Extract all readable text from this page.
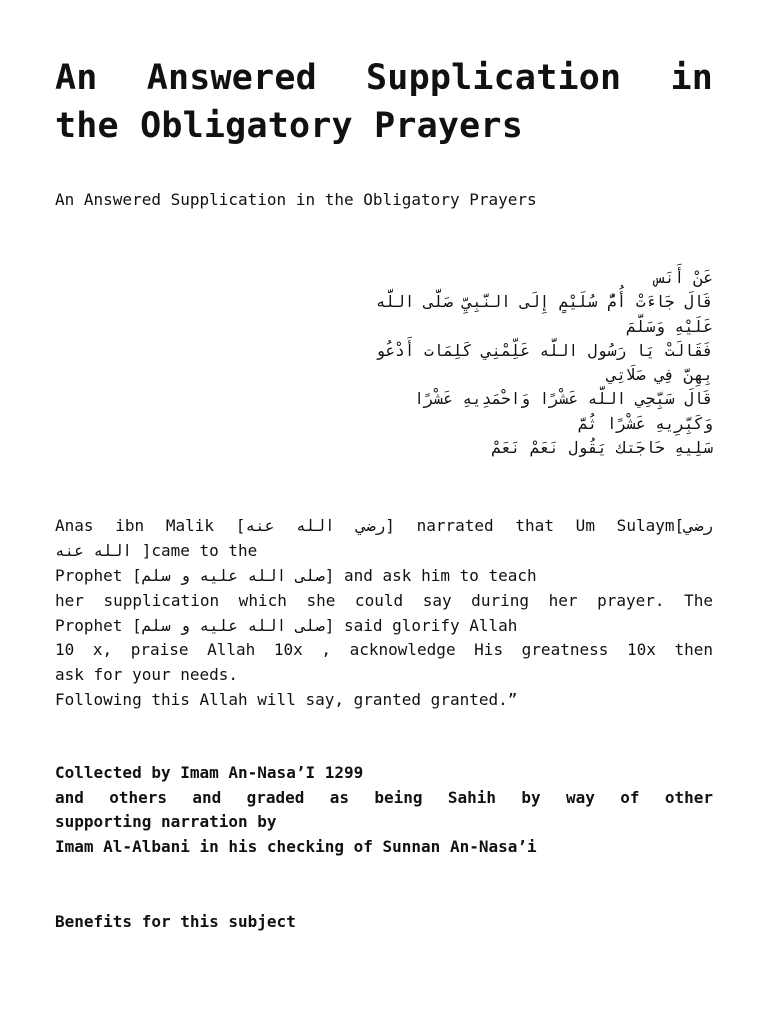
An Answered Supplication in the Obligatory Prayers

An Answered Supplication in the Obligatory Prayers

عَنْ أَنَس
قَالَ جَاءَتْ أُمُّ سُلَيْمٍ إِلَى النَّبِيِّ صَلَّى اللَّه
عَلَيْهِ وَسَلَّمَ
فَقَالَتْ يَا رَسُول اللَّه عَلِّمْنِي كَلِمَات أَدْعُو
بِهِنَّ فِي صَلَاتِي
قَالَ سَبِّحِي اللَّه عَشْرًا وَاحْمَدِيهِ عَشْرًا
وَكَبِّرِيهِ عَشْرًا ثُمَّ
سَلِيهِ حَاجَتك يَقُول نَعَمْ نَعَمْ
Anas ibn Malik [رضي الله عنه] narrated that Um Sulaym[رضي
الله عنه ]came to the
Prophet [صلى الله عليه و سلم] and ask him to teach
her supplication which she could say during her prayer. The
Prophet [صلى الله عليه و سلم] said glorify Allah
10 x, praise Allah 10x , acknowledge His greatness 10x then
ask for your needs.
Following this Allah will say, granted granted.”
Collected by Imam An-Nasa’I 1299
and others and graded as being Sahih by way of other
supporting narration by
Imam Al-Albani in his checking of Sunnan An-Nasa’i
Benefits for this subject
